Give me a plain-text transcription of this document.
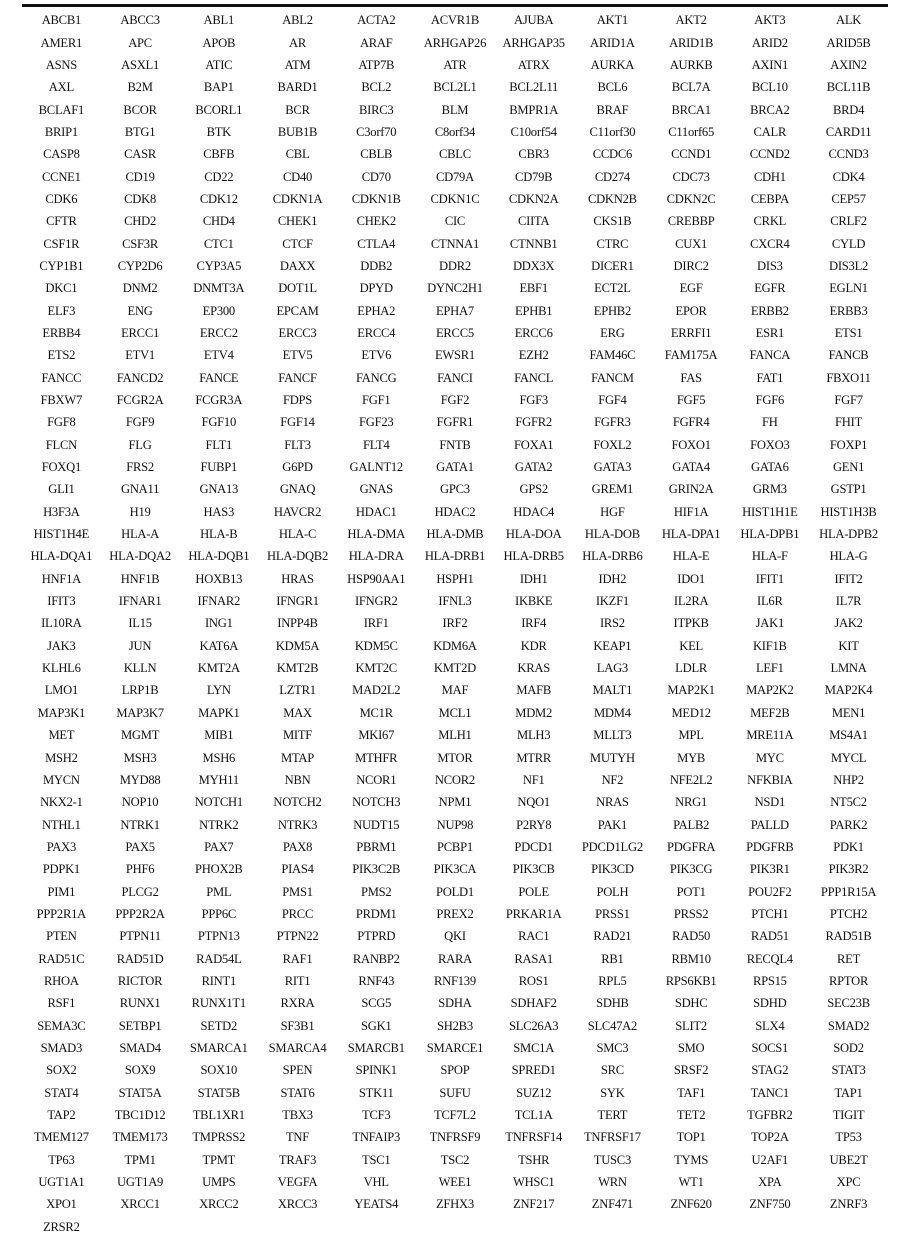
ABCB1	ABCC3	ABL1	ABL2	ACTA2	ACVR1B	AJUBA	AKT1	AKT2	AKT3	ALK
AMER1	APC	APOB	AR	ARAF	ARHGAP26	ARHGAP35	ARID1A	ARID1B	ARID2	ARID5B
ASNS	ASXL1	ATIC	ATM	ATP7B	ATR	ATRX	AURKA	AURKB	AXIN1	AXIN2
AXL	B2M	BAP1	BARD1	BCL2	BCL2L1	BCL2L11	BCL6	BCL7A	BCL10	BCL11B
BCLAF1	BCOR	BCORL1	BCR	BIRC3	BLM	BMPR1A	BRAF	BRCA1	BRCA2	BRD4
BRIP1	BTG1	BTK	BUB1B	C3orf70	C8orf34	C10orf54	C11orf30	C11orf65	CALR	CARD11
CASP8	CASR	CBFB	CBL	CBLB	CBLC	CBR3	CCDC6	CCND1	CCND2	CCND3
CCNE1	CD19	CD22	CD40	CD70	CD79A	CD79B	CD274	CDC73	CDH1	CDK4
CDK6	CDK8	CDK12	CDKN1A	CDKN1B	CDKN1C	CDKN2A	CDKN2B	CDKN2C	CEBPA	CEP57
CFTR	CHD2	CHD4	CHEK1	CHEK2	CIC	CIITA	CKS1B	CREBBP	CRKL	CRLF2
CSF1R	CSF3R	CTC1	CTCF	CTLA4	CTNNA1	CTNNB1	CTRC	CUX1	CXCR4	CYLD
CYP1B1	CYP2D6	CYP3A5	DAXX	DDB2	DDR2	DDX3X	DICER1	DIRC2	DIS3	DIS3L2
DKC1	DNM2	DNMT3A	DOT1L	DPYD	DYNC2H1	EBF1	ECT2L	EGF	EGFR	EGLN1
ELF3	ENG	EP300	EPCAM	EPHA2	EPHA7	EPHB1	EPHB2	EPOR	ERBB2	ERBB3
ERBB4	ERCC1	ERCC2	ERCC3	ERCC4	ERCC5	ERCC6	ERG	ERRFI1	ESR1	ETS1
ETS2	ETV1	ETV4	ETV5	ETV6	EWSR1	EZH2	FAM46C	FAM175A	FANCA	FANCB
FANCC	FANCD2	FANCE	FANCF	FANCG	FANCI	FANCL	FANCM	FAS	FAT1	FBXO11
FBXW7	FCGR2A	FCGR3A	FDPS	FGF1	FGF2	FGF3	FGF4	FGF5	FGF6	FGF7
FGF8	FGF9	FGF10	FGF14	FGF23	FGFR1	FGFR2	FGFR3	FGFR4	FH	FHIT
FLCN	FLG	FLT1	FLT3	FLT4	FNTB	FOXA1	FOXL2	FOXO1	FOXO3	FOXP1
FOXQ1	FRS2	FUBP1	G6PD	GALNT12	GATA1	GATA2	GATA3	GATA4	GATA6	GEN1
GLI1	GNA11	GNA13	GNAQ	GNAS	GPC3	GPS2	GREM1	GRIN2A	GRM3	GSTP1
H3F3A	H19	HAS3	HAVCR2	HDAC1	HDAC2	HDAC4	HGF	HIF1A	HIST1H1E	HIST1H3B
HIST1H4E	HLA-A	HLA-B	HLA-C	HLA-DMA	HLA-DMB	HLA-DOA	HLA-DOB	HLA-DPA1	HLA-DPB1	HLA-DPB2
HLA-DQA1	HLA-DQA2	HLA-DQB1	HLA-DQB2	HLA-DRA	HLA-DRB1	HLA-DRB5	HLA-DRB6	HLA-E	HLA-F	HLA-G
HNF1A	HNF1B	HOXB13	HRAS	HSP90AA1	HSPH1	IDH1	IDH2	IDO1	IFIT1	IFIT2
IFIT3	IFNAR1	IFNAR2	IFNGR1	IFNGR2	IFNL3	IKBKE	IKZF1	IL2RA	IL6R	IL7R
IL10RA	IL15	ING1	INPP4B	IRF1	IRF2	IRF4	IRS2	ITPKB	JAK1	JAK2
JAK3	JUN	KAT6A	KDM5A	KDM5C	KDM6A	KDR	KEAP1	KEL	KIF1B	KIT
KLHL6	KLLN	KMT2A	KMT2B	KMT2C	KMT2D	KRAS	LAG3	LDLR	LEF1	LMNA
LMO1	LRP1B	LYN	LZTR1	MAD2L2	MAF	MAFB	MALT1	MAP2K1	MAP2K2	MAP2K4
MAP3K1	MAP3K7	MAPK1	MAX	MC1R	MCL1	MDM2	MDM4	MED12	MEF2B	MEN1
MET	MGMT	MIB1	MITF	MKI67	MLH1	MLH3	MLLT3	MPL	MRE11A	MS4A1
MSH2	MSH3	MSH6	MTAP	MTHFR	MTOR	MTRR	MUTYH	MYB	MYC	MYCL
MYCN	MYD88	MYH11	NBN	NCOR1	NCOR2	NF1	NF2	NFE2L2	NFKBIA	NHP2
NKX2-1	NOP10	NOTCH1	NOTCH2	NOTCH3	NPM1	NQO1	NRAS	NRG1	NSD1	NT5C2
NTHL1	NTRK1	NTRK2	NTRK3	NUDT15	NUP98	P2RY8	PAK1	PALB2	PALLD	PARK2
PAX3	PAX5	PAX7	PAX8	PBRM1	PCBP1	PDCD1	PDCD1LG2	PDGFRA	PDGFRB	PDK1
PDPK1	PHF6	PHOX2B	PIAS4	PIK3C2B	PIK3CA	PIK3CB	PIK3CD	PIK3CG	PIK3R1	PIK3R2
PIM1	PLCG2	PML	PMS1	PMS2	POLD1	POLE	POLH	POT1	POU2F2	PPP1R15A
PPP2R1A	PPP2R2A	PPP6C	PRCC	PRDM1	PREX2	PRKAR1A	PRSS1	PRSS2	PTCH1	PTCH2
PTEN	PTPN11	PTPN13	PTPN22	PTPRD	QKI	RAC1	RAD21	RAD50	RAD51	RAD51B
RAD51C	RAD51D	RAD54L	RAF1	RANBP2	RARA	RASA1	RB1	RBM10	RECQL4	RET
RHOA	RICTOR	RINT1	RIT1	RNF43	RNF139	ROS1	RPL5	RPS6KB1	RPS15	RPTOR
RSF1	RUNX1	RUNX1T1	RXRA	SCG5	SDHA	SDHAF2	SDHB	SDHC	SDHD	SEC23B
SEMA3C	SETBP1	SETD2	SF3B1	SGK1	SH2B3	SLC26A3	SLC47A2	SLIT2	SLX4	SMAD2
SMAD3	SMAD4	SMARCA1	SMARCA4	SMARCB1	SMARCE1	SMC1A	SMC3	SMO	SOCS1	SOD2
SOX2	SOX9	SOX10	SPEN	SPINK1	SPOP	SPRED1	SRC	SRSF2	STAG2	STAT3
STAT4	STAT5A	STAT5B	STAT6	STK11	SUFU	SUZ12	SYK	TAF1	TANC1	TAP1
TAP2	TBC1D12	TBL1XR1	TBX3	TCF3	TCF7L2	TCL1A	TERT	TET2	TGFBR2	TIGIT
TMEM127	TMEM173	TMPRSS2	TNF	TNFAIP3	TNFRSF9	TNFRSF14	TNFRSF17	TOP1	TOP2A	TP53
TP63	TPM1	TPMT	TRAF3	TSC1	TSC2	TSHR	TUSC3	TYMS	U2AF1	UBE2T
UGT1A1	UGT1A9	UMPS	VEGFA	VHL	WEE1	WHSC1	WRN	WT1	XPA	XPC
XPO1	XRCC1	XRCC2	XRCC3	YEATS4	ZFHX3	ZNF217	ZNF471	ZNF620	ZNF750	ZNRF3
ZRSR2
